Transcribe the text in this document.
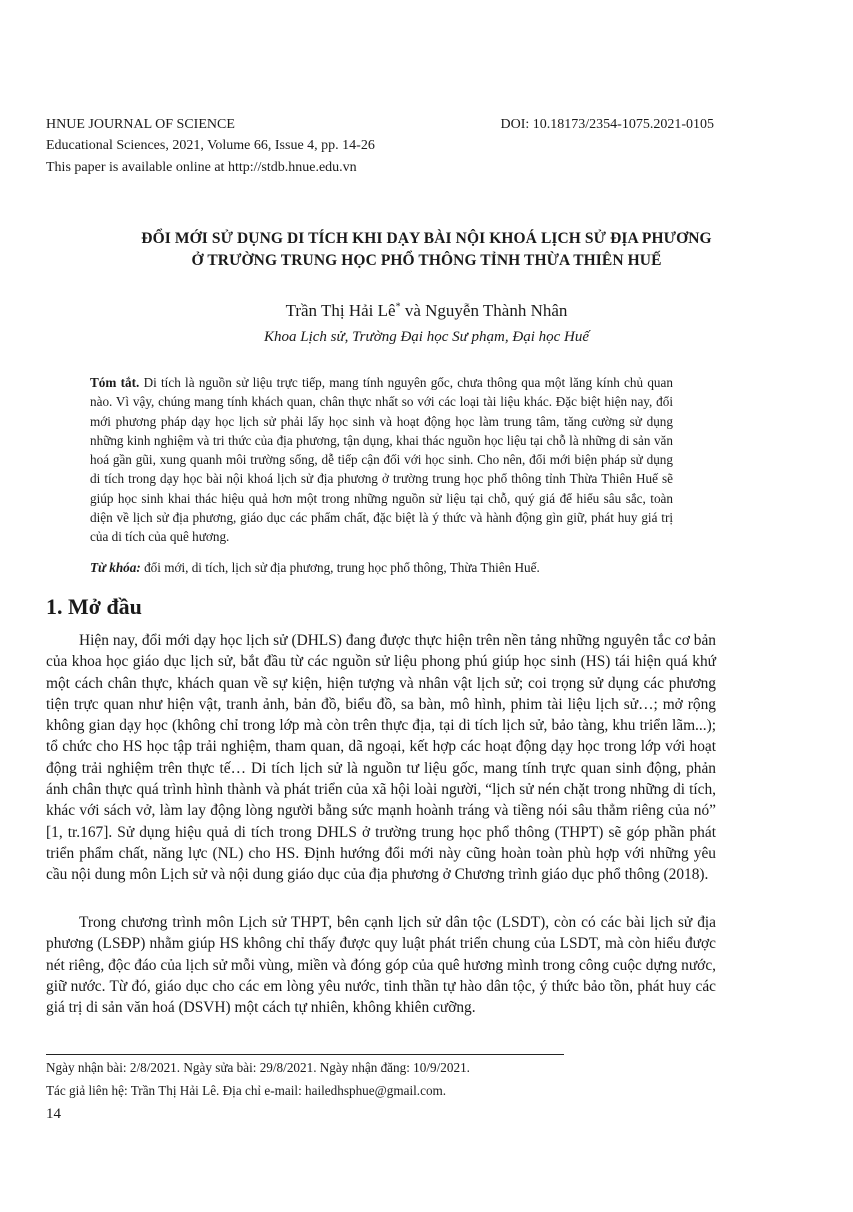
HNUE JOURNAL OF SCIENCE	DOI: 10.18173/2354-1075.2021-0105
Educational Sciences, 2021, Volume 66, Issue 4, pp. 14-26
This paper is available online at http://stdb.hnue.edu.vn
ĐỔI MỚI SỬ DỤNG DI TÍCH KHI DẠY BÀI NỘI KHOÁ LỊCH SỬ ĐỊA PHƯƠNG
Ở TRƯỜNG TRUNG HỌC PHỔ THÔNG TỈNH THỪA THIÊN HUẾ
Trần Thị Hải Lê* và Nguyễn Thành Nhân
Khoa Lịch sử, Trường Đại học Sư phạm, Đại học Huế
Tóm tắt. Di tích là nguồn sử liệu trực tiếp, mang tính nguyên gốc, chưa thông qua một lăng kính chủ quan nào. Vì vậy, chúng mang tính khách quan, chân thực nhất so với các loại tài liệu khác. Đặc biệt hiện nay, đổi mới phương pháp dạy học lịch sử phải lấy học sinh và hoạt động học làm trung tâm, tăng cường sử dụng những kinh nghiệm và tri thức của địa phương, tận dụng, khai thác nguồn học liệu tại chỗ là những di sản văn hoá gần gũi, xung quanh môi trường sống, dễ tiếp cận đối với học sinh. Cho nên, đổi mới biện pháp sử dụng di tích trong dạy học bài nội khoá lịch sử địa phương ở trường trung học phổ thông tỉnh Thừa Thiên Huế sẽ giúp học sinh khai thác hiệu quả hơn một trong những nguồn sử liệu tại chỗ, quý giá để hiểu sâu sắc, toàn diện về lịch sử địa phương, giáo dục các phẩm chất, đặc biệt là ý thức và hành động gìn giữ, phát huy giá trị của di tích của quê hương.
Từ khóa: đổi mới, di tích, lịch sử địa phương, trung học phổ thông, Thừa Thiên Huế.
1. Mở đầu

Hiện nay, đổi mới dạy học lịch sử (DHLS) đang được thực hiện trên nền tảng những nguyên tắc cơ bản của khoa học giáo dục lịch sử, bắt đầu từ các nguồn sử liệu phong phú giúp học sinh (HS) tái hiện quá khứ một cách chân thực, khách quan về sự kiện, hiện tượng và nhân vật lịch sử; coi trọng sử dụng các phương tiện trực quan như hiện vật, tranh ảnh, bản đồ, biểu đồ, sa bàn, mô hình, phim tài liệu lịch sử…; mở rộng không gian dạy học (không chỉ trong lớp mà còn trên thực địa, tại di tích lịch sử, bảo tàng, khu triển lãm...); tổ chức cho HS học tập trải nghiệm, tham quan, dã ngoại, kết hợp các hoạt động dạy học trong lớp với hoạt động trải nghiệm trên thực tế… Di tích lịch sử là nguồn tư liệu gốc, mang tính trực quan sinh động, phản ánh chân thực quá trình hình thành và phát triển của xã hội loài người, “lịch sử nén chặt trong những di tích, khác với sách vở, làm lay động lòng người bằng sức mạnh hoành tráng và tiềng nói sâu thẳm riêng của nó” [1, tr.167]. Sử dụng hiệu quả di tích trong DHLS ở trường trung học phổ thông (THPT) sẽ góp phần phát triển phẩm chất, năng lực (NL) cho HS. Định hướng đổi mới này cũng hoàn toàn phù hợp với những yêu cầu nội dung môn Lịch sử và nội dung giáo dục của địa phương ở Chương trình giáo dục phổ thông (2018).

Trong chương trình môn Lịch sử THPT, bên cạnh lịch sử dân tộc (LSDT), còn có các bài lịch sử địa phương (LSĐP) nhằm giúp HS không chỉ thấy được quy luật phát triển chung của LSDT, mà còn hiểu được nét riêng, độc đáo của lịch sử mỗi vùng, miền và đóng góp của quê hương mình trong công cuộc dựng nước, giữ nước. Từ đó, giáo dục cho các em lòng yêu nước, tinh thần tự hào dân tộc, ý thức bảo tồn, phát huy các giá trị di sản văn hoá (DSVH) một cách tự nhiên, không khiên cưỡng.

Ngày nhận bài: 2/8/2021. Ngày sửa bài: 29/8/2021. Ngày nhận đăng: 10/9/2021.
Tác giả liên hệ: Trần Thị Hải Lê. Địa chỉ e-mail: hailedhsphue@gmail.com.
14
